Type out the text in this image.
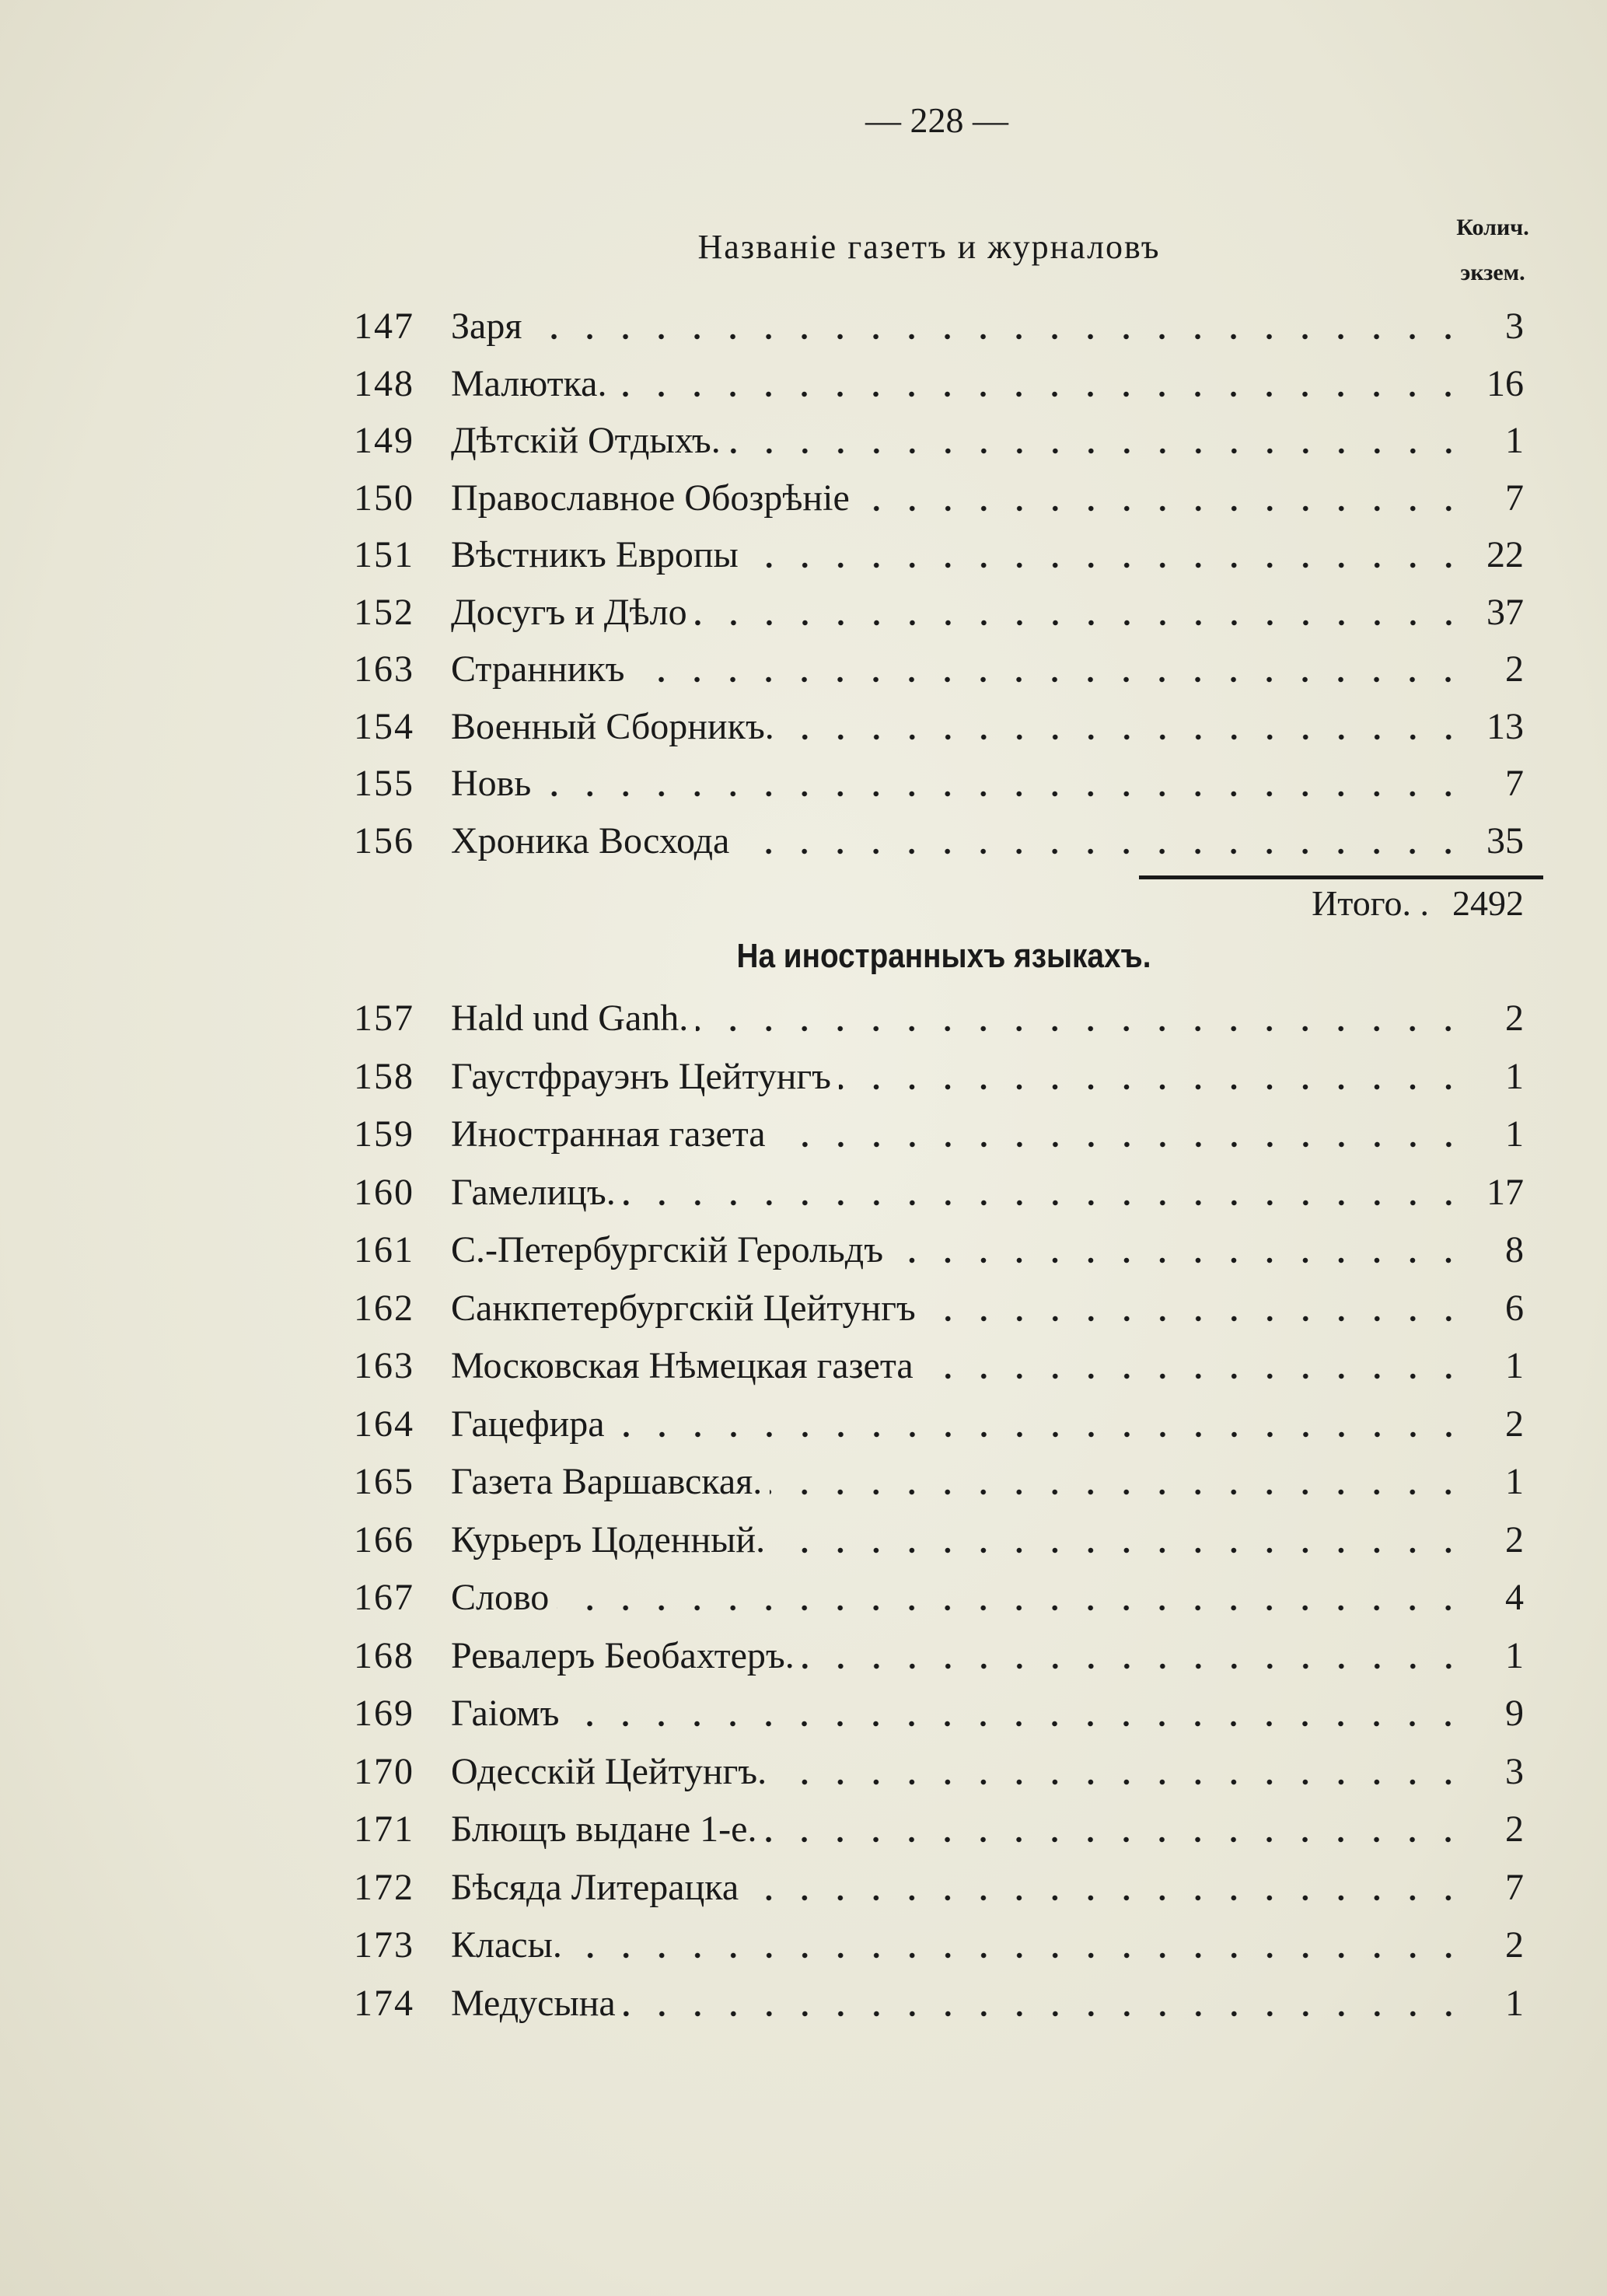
— 228 —
Названіе газетъ и журналовъ
Колич.
экзем.
147 Заря	3
148 Малютка.	16
149 Дѣтскій Отдыхъ.	1
150 Православное Обозрѣніе	7
151 Вѣстникъ Европы	22
152 Досугъ и Дѣло	37
163 Странникъ	2
154 Военный Сборникъ.	13
155 Новь	7
156 Хроника Восхода	35
Итого. . 2492
На иностранныхъ языкахъ.
157 Hald und Ganh.	2
158 Гаустфрауэнъ Цейтунгъ	1
159 Иностранная газета	1
160 Гамелицъ.	17
161 С.-Петербургскій Герольдъ	8
162 Санкпетербургскій Цейтунгъ	6
163 Московская Нѣмецкая газета	1
164 Гацефира	2
165 Газета Варшавская.	1
166 Курьеръ Цоденный.	2
167 Слово	4
168 Ревалеръ Беобахтеръ.	1
169 Гаіомъ	9
170 Одесскій Цейтунгъ.	3
171 Блющъ выдане 1-е.	2
172 Бѣсяда Литерацка	7
173 Класы.	2
174 Медусына	1
